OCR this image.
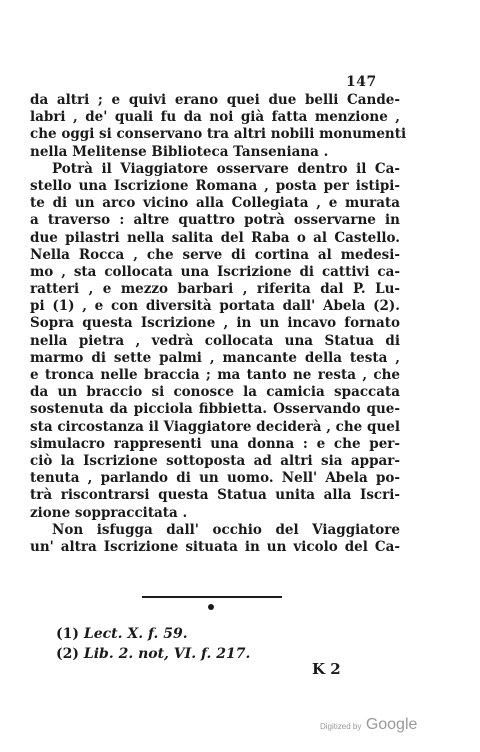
147
da altri ; e quivi erano quei due belli Cande-
labri , de' quali fu da noi già fatta menzione ,
che oggi si conservano tra altri nobili monumenti
nella Melitense Biblioteca Tanseniana .
Potrà il Viaggiatore osservare dentro il Ca-
stello una Iscrizione Romana , posta per istipi-
te di un arco vicino alla Collegiata , e murata
a traverso : altre quattro potrà osservarne in
due pilastri nella salita del Raba o al Castello.
Nella Rocca , che serve di cortina al medesi-
mo , sta collocata una Iscrizione di cattivi ca-
ratteri , e mezzo barbari , riferita dal P. Lu-
pi (1) , e con diversità portata dall' Abela (2).
Sopra questa Iscrizione , in un incavo fornato
nella pietra , vedrà collocata una Statua di
marmo di sette palmi , mancante della testa ,
e tronca nelle braccia ; ma tanto ne resta , che
da un braccio si conosce la camicia spaccata
sostenuta da picciola fibbietta. Osservando que-
sta circostanza il Viaggiatore deciderà , che quel
simulacro rappresenti una donna : e che per-
ciò la Iscrizione sottoposta ad altri sia appar-
tenuta , parlando di un uomo. Nell' Abela po-
trà riscontrarsi questa Statua unita alla Iscri-
zione soppraccitata .
Non isfugga dall' occhio del Viaggiatore
un' altra Iscrizione situata in un vicolo del Ca-
(1) Lect. X. f. 59.
(2) Lib. 2. not, VI. f. 217.
K 2
Digitized by Google
